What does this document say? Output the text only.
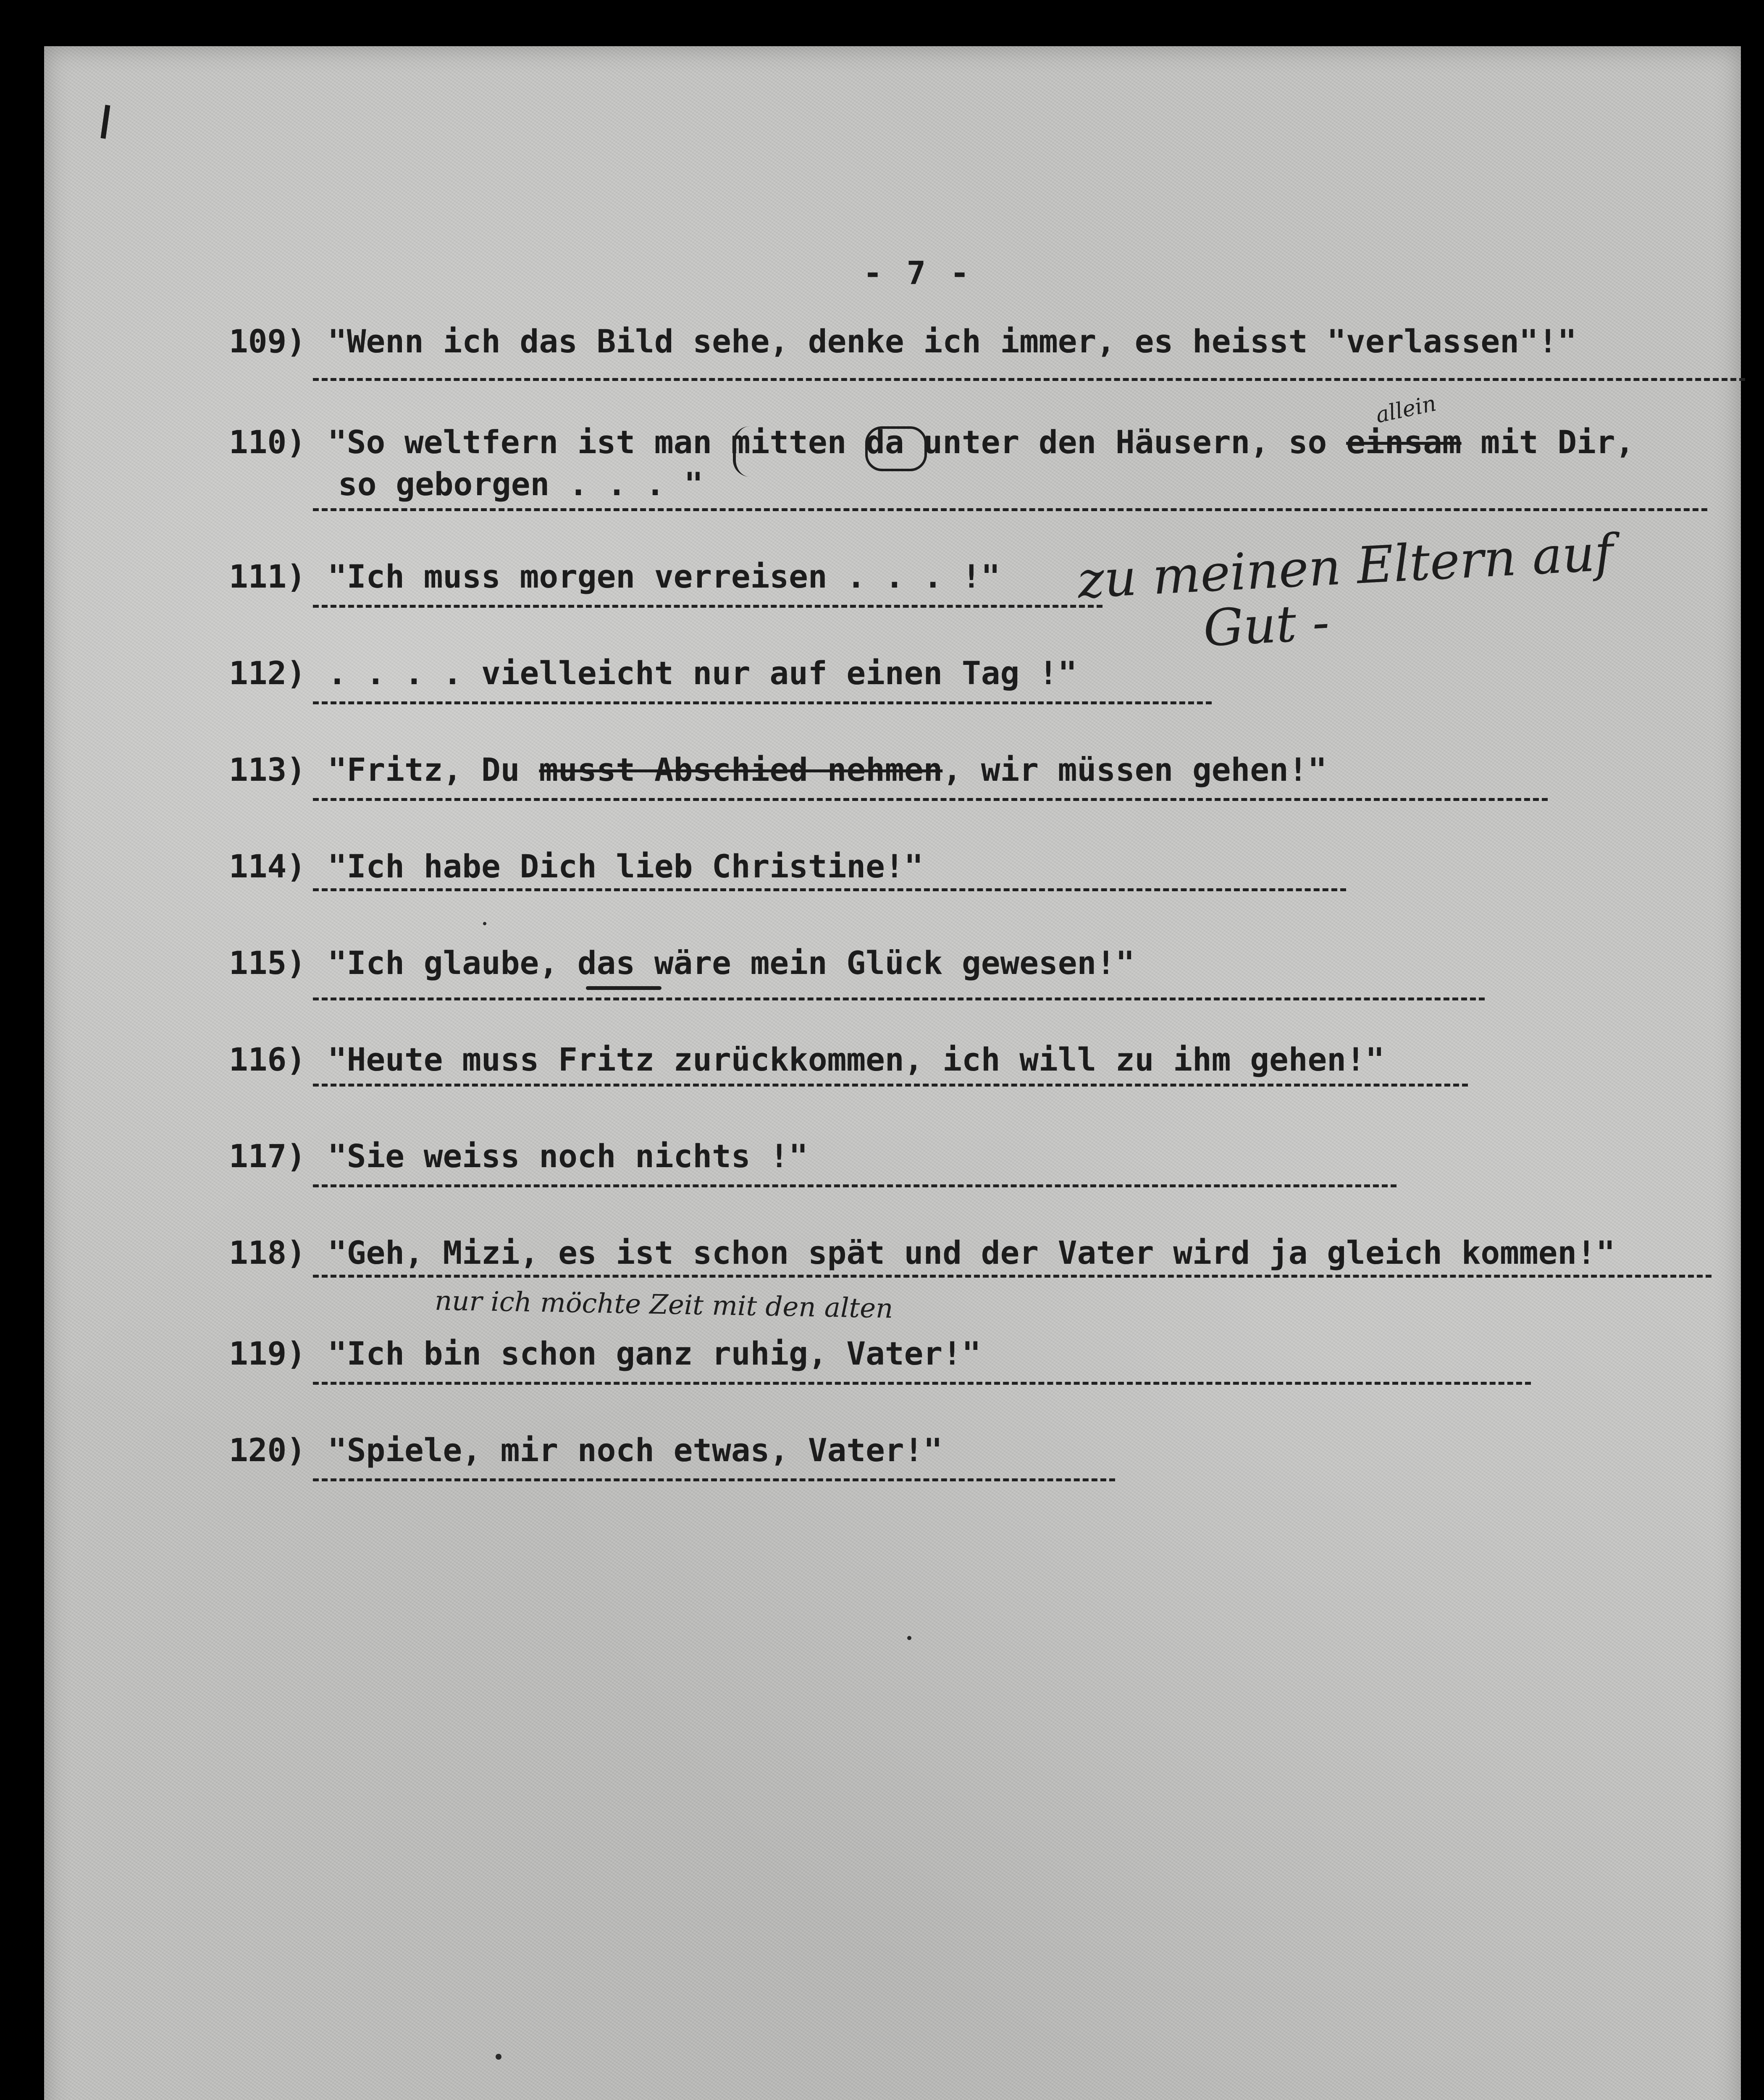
- 7 -
109) "Wenn ich das Bild sehe, denke ich immer, es heisst "verlassen"!"
allein
110) "So weltfern ist man mitten da unter den Häusern, so einsam mit Dir,
so geborgen . . . "
111) "Ich muss morgen verreisen . . . !" zu meinen Eltern auf
Gut -
112) . . . . vielleicht nur auf einen Tag !"
113) "Fritz, Du musst Abschied nehmen, wir müssen gehen!"
114) "Ich habe Dich lieb Christine!"
115) "Ich glaube, das wäre mein Glück gewesen!"
116) "Heute muss Fritz zurückkommen, ich will zu ihm gehen!"
117) "Sie weiss noch nichts !"
118) "Geh, Mizi, es ist schon spät und der Vater wird ja gleich kommen!"
nur ich möchte Zeit mit den alten
119) "Ich bin schon ganz ruhig, Vater!"
120) "Spiele, mir noch etwas, Vater!"
